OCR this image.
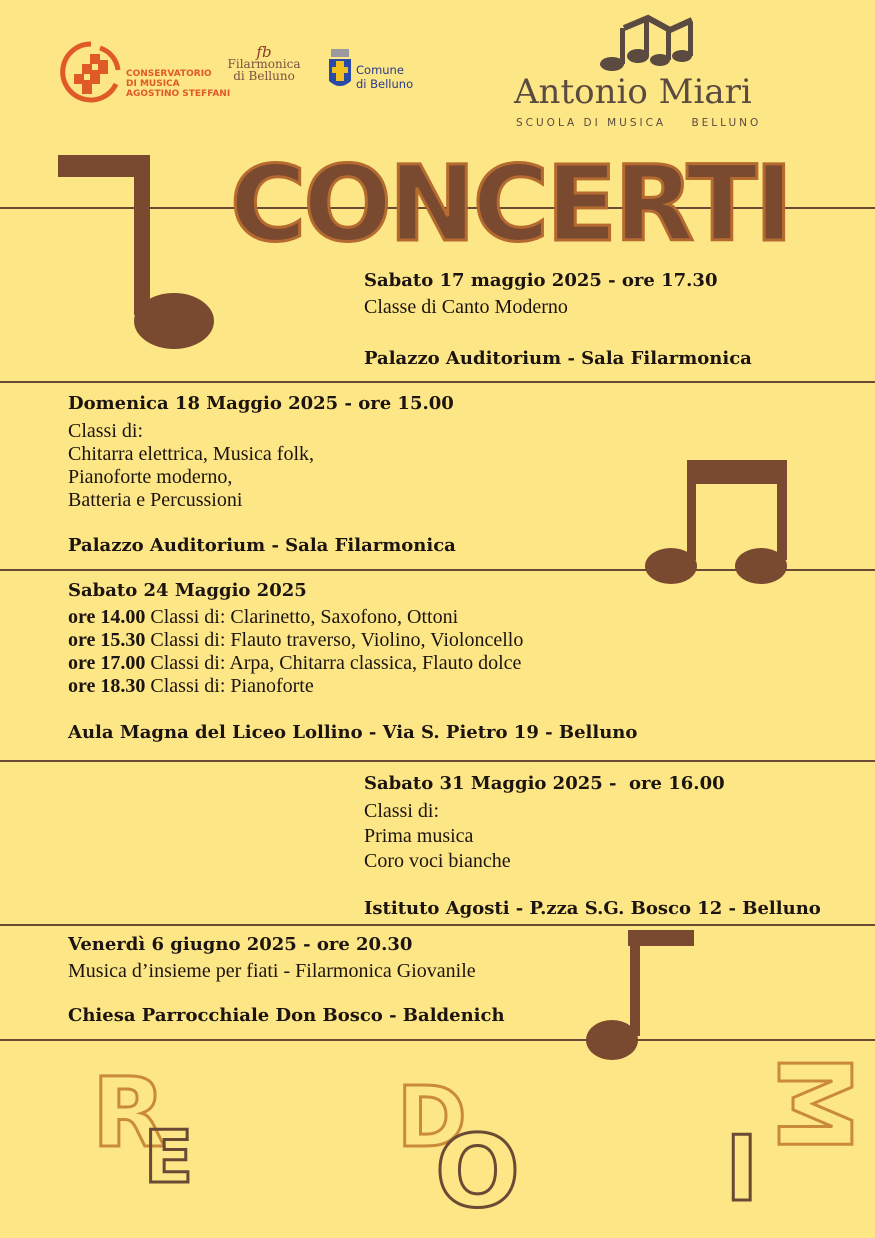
CONSERVATORIO
DI MUSICA
AGOSTINO STEFFANI
fb
Filarmonica
di Belluno	Comune
di Belluno	Antonio Miari
SCUOLA DI MUSICA    BELLUNO
CONCERTI
Sabato 17 maggio 2025 - ore 17.30
Classe di Canto Moderno
Palazzo Auditorium - Sala Filarmonica
Domenica 18 Maggio 2025 - ore 15.00
Classi di:
Chitarra elettrica, Musica folk,
Pianoforte moderno,
Batteria e Percussioni
Palazzo Auditorium - Sala Filarmonica
Sabato 24 Maggio 2025
ore 14.00 Classi di: Clarinetto, Saxofono, Ottoni
ore 15.30 Classi di: Flauto traverso, Violino, Violoncello
ore 17.00 Classi di: Arpa, Chitarra classica, Flauto dolce
ore 18.30 Classi di: Pianoforte
Aula Magna del Liceo Lollino - Via S. Pietro 19 - Belluno
Sabato 31 Maggio 2025 -  ore 16.00
Classi di:
Prima musica
Coro voci bianche
Istituto Agosti - P.zza S.G. Bosco 12 - Belluno
Venerdì 6 giugno 2025 - ore 20.30
Musica d’insieme per fiati - Filarmonica Giovanile
Chiesa Parrocchiale Don Bosco - Baldenich
R
E D
O
M
I
